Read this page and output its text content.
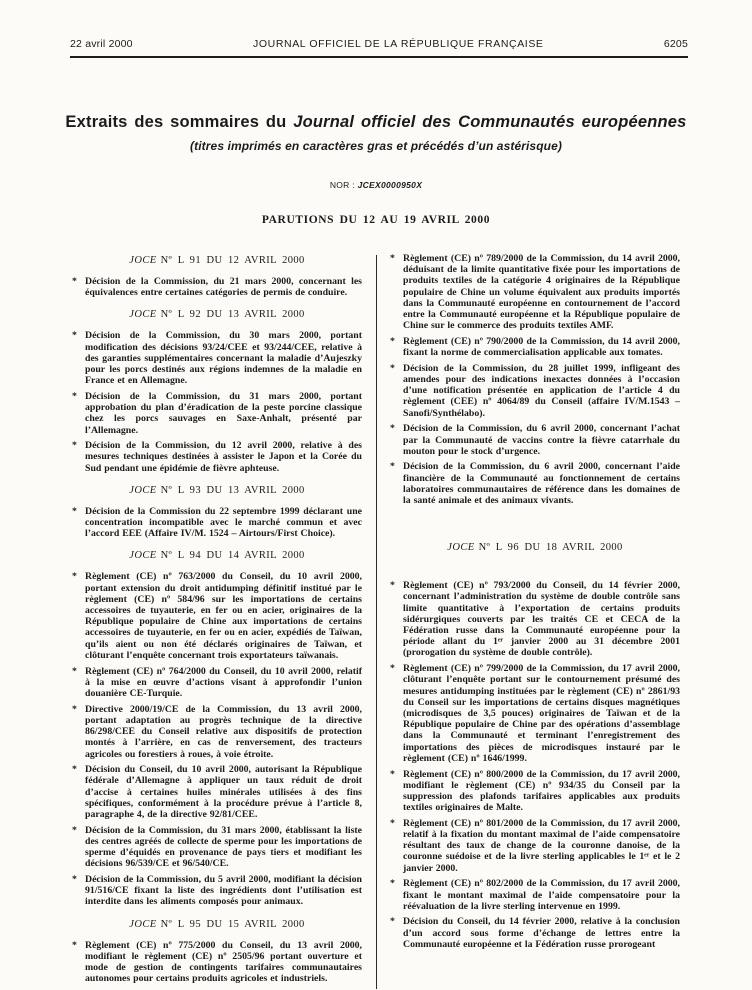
22 avril 2000	JOURNAL OFFICIEL DE LA RÉPUBLIQUE FRANÇAISE	6205
Extraits des sommaires du Journal officiel des Communautés européennes
(titres imprimés en caractères gras et précédés d’un astérisque)
NOR : JCEX0000950X
PARUTIONS DU 12 AU 19 AVRIL 2000

JOCE Nº L 91 DU 12 AVRIL 2000

* Décision de la Commission, du 21 mars 2000, concernant les équivalences entre certaines catégories de permis de conduire.

JOCE Nº L 92 DU 13 AVRIL 2000

* Décision de la Commission, du 30 mars 2000, portant modification des décisions 93/24/CEE et 93/244/CEE, relative à des garanties supplémentaires concernant la maladie d’Aujeszky pour les porcs destinés aux régions indemnes de la maladie en France et en Allemagne.

* Décision de la Commission, du 31 mars 2000, portant approbation du plan d’éradication de la peste porcine classique chez les porcs sauvages en Saxe-Anhalt, présenté par l’Allemagne.

* Décision de la Commission, du 12 avril 2000, relative à des mesures techniques destinées à assister le Japon et la Corée du Sud pendant une épidémie de fièvre aphteuse.

JOCE Nº L 93 DU 13 AVRIL 2000

* Décision de la Commission du 22 septembre 1999 déclarant une concentration incompatible avec le marché commun et avec l’accord EEE (Affaire IV/M. 1524 – Airtours/First Choice).

JOCE Nº L 94 DU 14 AVRIL 2000

* Règlement (CE) nº 763/2000 du Conseil, du 10 avril 2000, portant extension du droit antidumping définitif institué par le règlement (CE) nº 584/96 sur les importations de certains accessoires de tuyauterie, en fer ou en acier, originaires de la République populaire de Chine aux importations de certains accessoires de tuyauterie, en fer ou en acier, expédiés de Taïwan, qu’ils aient ou non été déclarés originaires de Taïwan, et clôturant l’enquête concernant trois exportateurs taïwanais.

* Règlement (CE) nº 764/2000 du Conseil, du 10 avril 2000, relatif à la mise en œuvre d’actions visant à approfondir l’union douanière CE-Turquie.

* Directive 2000/19/CE de la Commission, du 13 avril 2000, portant adaptation au progrès technique de la directive 86/298/CEE du Conseil relative aux dispositifs de protection montés à l’arrière, en cas de renversement, des tracteurs agricoles ou forestiers à roues, à voie étroite.

* Décision du Conseil, du 10 avril 2000, autorisant la République fédérale d’Allemagne à appliquer un taux réduit de droit d’accise à certaines huiles minérales utilisées à des fins spécifiques, conformément à la procédure prévue à l’article 8, paragraphe 4, de la directive 92/81/CEE.

* Décision de la Commission, du 31 mars 2000, établissant la liste des centres agréés de collecte de sperme pour les importations de sperme d’équidés en provenance de pays tiers et modifiant les décisions 96/539/CE et 96/540/CE.

* Décision de la Commission, du 5 avril 2000, modifiant la décision 91/516/CE fixant la liste des ingrédients dont l’utilisation est interdite dans les aliments composés pour animaux.

JOCE Nº L 95 DU 15 AVRIL 2000

* Règlement (CE) nº 775/2000 du Conseil, du 13 avril 2000, modifiant le règlement (CE) nº 2505/96 portant ouverture et mode de gestion de contingents tarifaires communautaires autonomes pour certains produits agricoles et industriels.

* Règlement (CE) nº 789/2000 de la Commission, du 14 avril 2000, déduisant de la limite quantitative fixée pour les importations de produits textiles de la catégorie 4 originaires de la République populaire de Chine un volume équivalent aux produits importés dans la Communauté européenne en contournement de l’accord entre la Communauté européenne et la République populaire de Chine sur le commerce des produits textiles AMF.

* Règlement (CE) nº 790/2000 de la Commission, du 14 avril 2000, fixant la norme de commercialisation applicable aux tomates.

* Décision de la Commission, du 28 juillet 1999, infligeant des amendes pour des indications inexactes données à l’occasion d’une notification présentée en application de l’article 4 du règlement (CEE) nº 4064/89 du Conseil (affaire IV/M.1543 – Sanofi/Synthélabo).

* Décision de la Commission, du 6 avril 2000, concernant l’achat par la Communauté de vaccins contre la fièvre catarrhale du mouton pour le stock d’urgence.

* Décision de la Commission, du 6 avril 2000, concernant l’aide financière de la Communauté au fonctionnement de certains laboratoires communautaires de référence dans les domaines de la santé animale et des animaux vivants.

JOCE Nº L 96 DU 18 AVRIL 2000

* Règlement (CE) nº 793/2000 du Conseil, du 14 février 2000, concernant l’administration du système de double contrôle sans limite quantitative à l’exportation de certains produits sidérurgiques couverts par les traités CE et CECA de la Fédération russe dans la Communauté européenne pour la période allant du 1ᵉʳ janvier 2000 au 31 décembre 2001 (prorogation du système de double contrôle).

* Règlement (CE) nº 799/2000 de la Commission, du 17 avril 2000, clôturant l’enquête portant sur le contournement présumé des mesures antidumping instituées par le règlement (CE) nº 2861/93 du Conseil sur les importations de certains disques magnétiques (microdisques de 3,5 pouces) originaires de Taïwan et de la République populaire de Chine par des opérations d’assemblage dans la Communauté et terminant l’enregistrement des importations des pièces de microdisques instauré par le règlement (CE) nº 1646/1999.

* Règlement (CE) nº 800/2000 de la Commission, du 17 avril 2000, modifiant le règlement (CE) nº 934/35 du Conseil par la suppression des plafonds tarifaires applicables aux produits textiles originaires de Malte.

* Règlement (CE) nº 801/2000 de la Commission, du 17 avril 2000, relatif à la fixation du montant maximal de l’aide compensatoire résultant des taux de change de la couronne danoise, de la couronne suédoise et de la livre sterling applicables le 1ᵉʳ et le 2 janvier 2000.

* Règlement (CE) nº 802/2000 de la Commission, du 17 avril 2000, fixant le montant maximal de l’aide compensatoire pour la réévaluation de la livre sterling intervenue en 1999.

* Décision du Conseil, du 14 février 2000, relative à la conclusion d’un accord sous forme d’échange de lettres entre la Communauté européenne et la Fédération russe prorogeant
